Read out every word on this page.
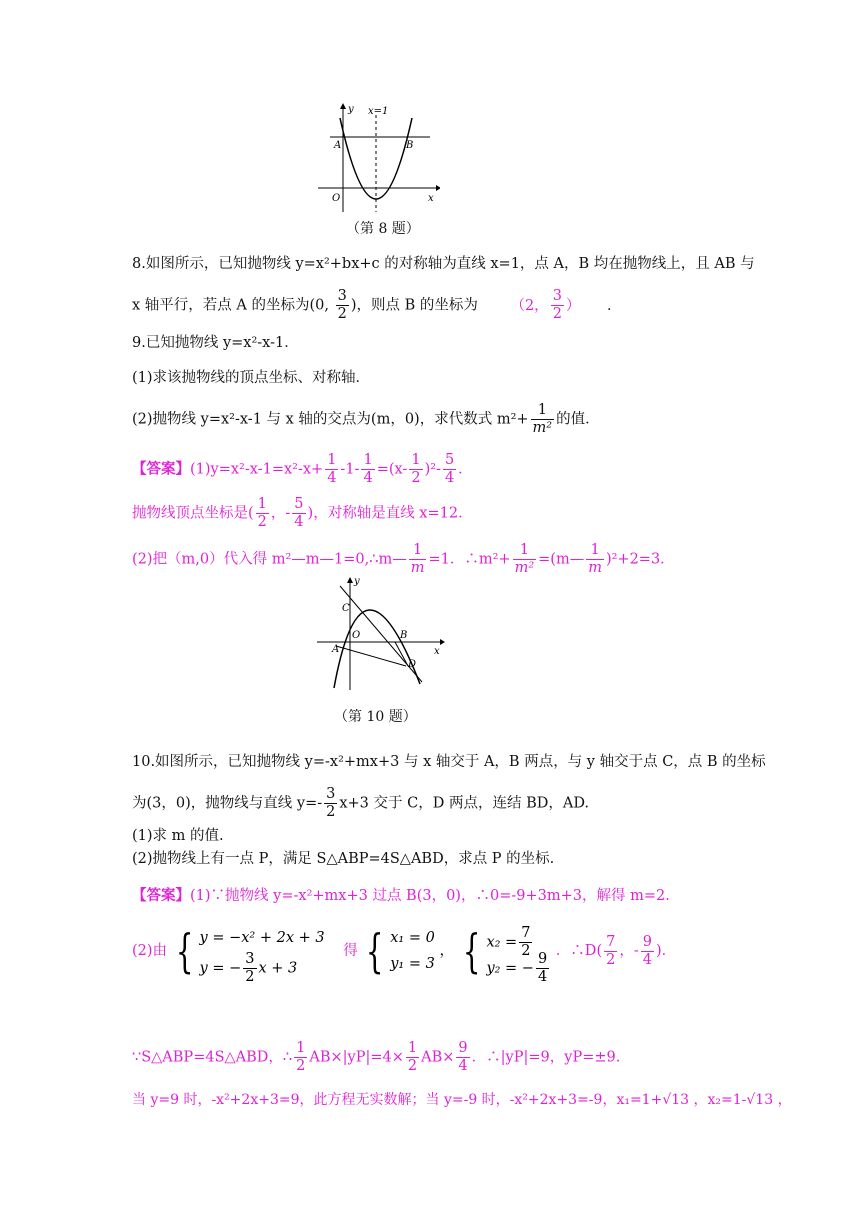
y x=1
A	B
O	x
（第 8 题）
8.如图所示，已知抛物线 y=x²+bx+c 的对称轴为直线 x=1，点 A，B 均在抛物线上，且 AB 与
x 轴平行，若点 A 的坐标为(0, $\frac{3}{2}$ )，则点 B 的坐标为 （2， $\frac{3}{2}$ ） ．
9.已知抛物线 y=x²-x-1．
(1)求该抛物线的顶点坐标、对称轴．
(2)抛物线 y=x²-x-1 与 x 轴的交点为(m，0)，求代数式 $m^2+ \frac{1}{\text{m²}}$ 的值．
【答案】$(1)y=x^2-x-1=x^2-x+ \frac{1}{4} -1- \frac{1}{4} =(x- \frac{1}{2} )^2- \frac{5}{4}$ ．
抛物线顶点坐标是( $\frac{1}{2}$ ，- $\frac{5}{4}$ )，对称轴是直线 x=12．
(2)把（m,0）代入得 m²—m—1=0,∴m— $\frac{1}{m} =1$．∴m²+ $\frac{1}{\text{m²}}$ =(m— $\frac{1}{m} )^2+2=3$．
y
C
O	B
A
D
x
（第 10 题）
10.如图所示，已知抛物线 y=-x²+mx+3 与 x 轴交于 A，B 两点，与 y 轴交于点 C，点 B 的坐标
为(3，0)，抛物线与直线 $y=- \frac{3}{2} x+3$ 交于 C，D 两点，连结 BD，AD.
(1)求 m 的值.
(2)抛物线上有一点 P，满足 S△ABP=4S△ABD，求点 P 的坐标.
【答案】(1)∵抛物线 y=-x²+mx+3 过点 B(3，0)，∴0=-9+3m+3，解得 m=2.
(2)由 { y = −x² + 2x + 3
y = − $\frac{3}{2}$ x + 3
得 { x₁ = 0
y₁ = 3
， { $x_2 = \frac{7}{2}$
y₂ = − $\frac{9}{4}$ ．∴D( $\frac{7}{2}$ ，- $\frac{9}{4}$ )．
∵S△ABP=4S△ABD，∴ $\frac{1}{2} AB\times|yP|=4\times \frac{1}{2} AB\times \frac{9}{4}$ ．∴|yP|=9，yP=±9.
当 y=9 时，-x²+2x+3=9，此方程无实数解；当 y=-9 时，-x²+2x+3=-9，x₁=1+√13 ，x₂=1-√13 ，
